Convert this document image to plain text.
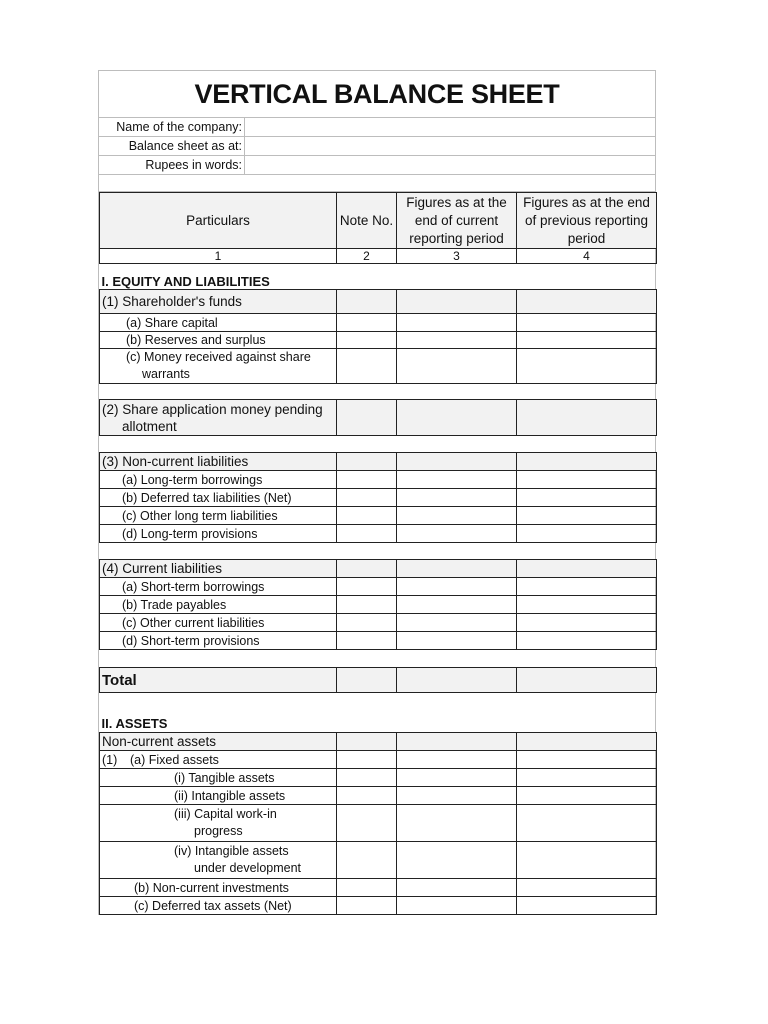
VERTICAL BALANCE SHEET
Name of the company:
Balance sheet as at:
Rupees in words:
Particulars	Note No.	Figures as at the
end of current
reporting period	Figures as at the end
of previous reporting
period
1	2	3	4
I. EQUITY AND LIABILITIES			
(1) Shareholder's funds			
(a) Share capital			
(b) Reserves and surplus			
(c) Money received against share
warrants			

(2) Share application money pending
allotment			

(3) Non-current liabilities			
(a) Long-term borrowings			
(b) Deferred tax liabilities (Net)			
(c) Other long term liabilities			
(d) Long-term provisions			

(4) Current liabilities			
(a) Short-term borrowings			
(b) Trade payables			
(c) Other current liabilities			
(d) Short-term provisions			

Total			
II. ASSETS			
Non-current assets			
(1) (a) Fixed assets			
(i) Tangible assets			
(ii) Intangible assets			
(iii) Capital work-in
progress			
(iv) Intangible assets
under development			
(b) Non-current investments			
(c) Deferred tax assets (Net)			
